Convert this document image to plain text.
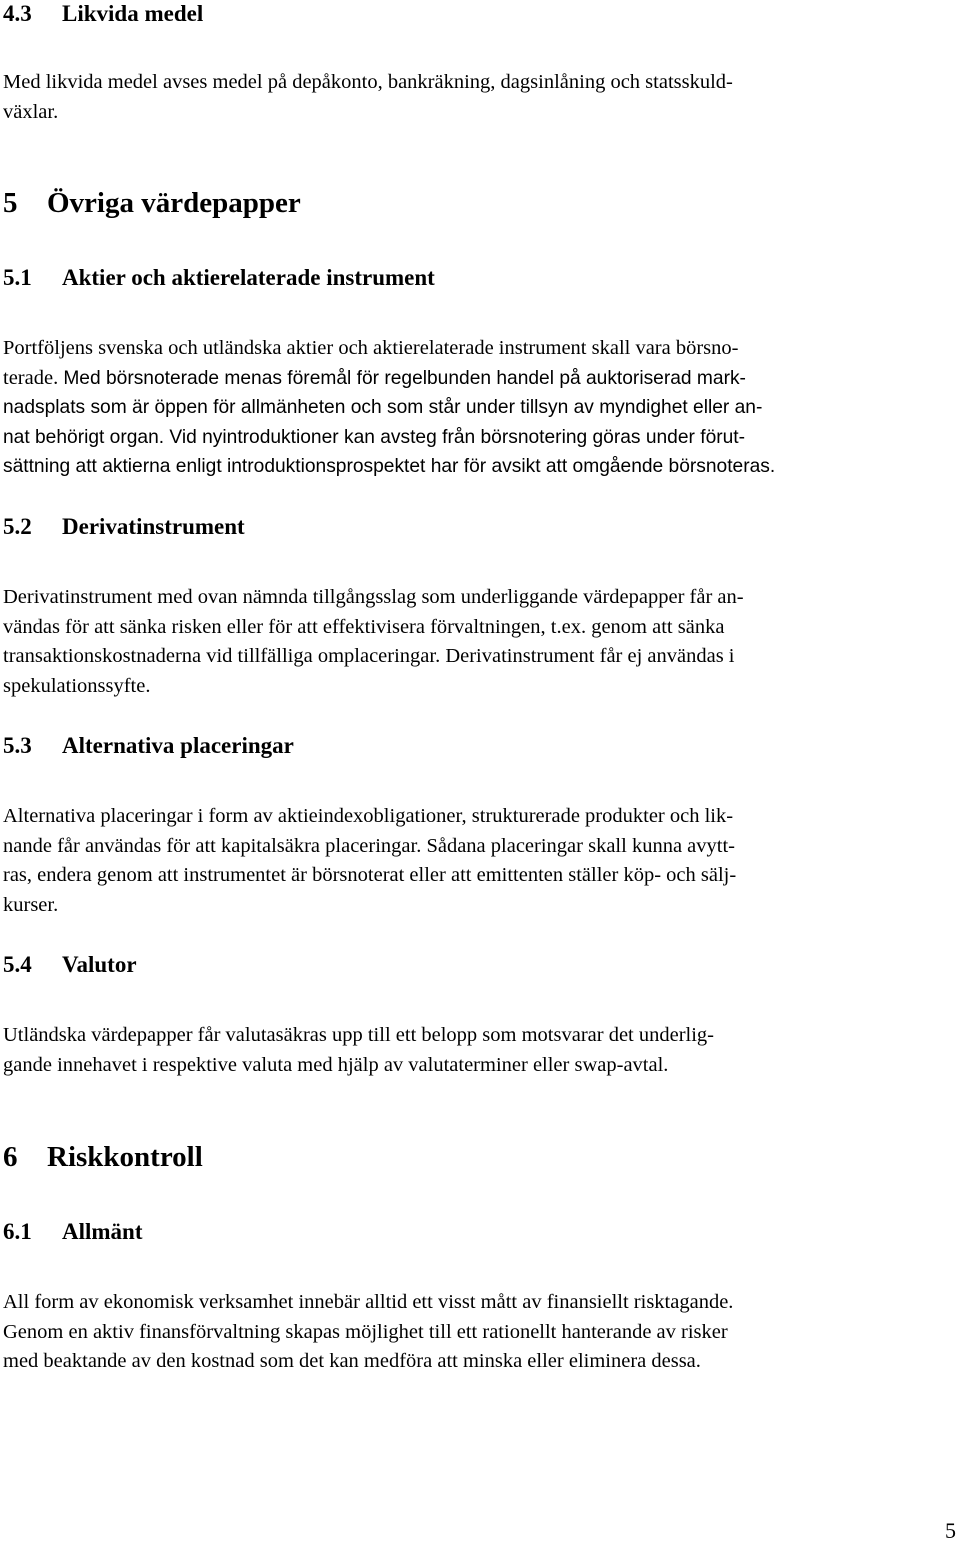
4.3 Likvida medel
Med likvida medel avses medel på depåkonto, bankräkning, dagsinlåning och statsskuld-
växlar.
5 Övriga värdepapper
5.1 Aktier och aktierelaterade instrument
Portföljens svenska och utländska aktier och aktierelaterade instrument skall vara börsno-
terade. Med börsnoterade menas föremål för regelbunden handel på auktoriserad mark-
nadsplats som är öppen för allmänheten och som står under tillsyn av myndighet eller an-
nat behörigt organ. Vid nyintroduktioner kan avsteg från börsnotering göras under förut-
sättning att aktierna enligt introduktionsprospektet har för avsikt att omgående börsnoteras.
5.2 Derivatinstrument
Derivatinstrument med ovan nämnda tillgångsslag som underliggande värdepapper får an-
vändas för att sänka risken eller för att effektivisera förvaltningen, t.ex. genom att sänka
transaktionskostnaderna vid tillfälliga omplaceringar. Derivatinstrument får ej användas i
spekulationssyfte.
5.3 Alternativa placeringar
Alternativa placeringar i form av aktieindexobligationer, strukturerade produkter och lik-
nande får användas för att kapitalsäkra placeringar. Sådana placeringar skall kunna avytt-
ras, endera genom att instrumentet är börsnoterat eller att emittenten ställer köp- och sälj-
kurser.
5.4 Valutor
Utländska värdepapper får valutasäkras upp till ett belopp som motsvarar det underlig-
gande innehavet i respektive valuta med hjälp av valutaterminer eller swap-avtal.
6 Riskkontroll
6.1 Allmänt
All form av ekonomisk verksamhet innebär alltid ett visst mått av finansiellt risktagande.
Genom en aktiv finansförvaltning skapas möjlighet till ett rationellt hanterande av risker
med beaktande av den kostnad som det kan medföra att minska eller eliminera dessa.
5
